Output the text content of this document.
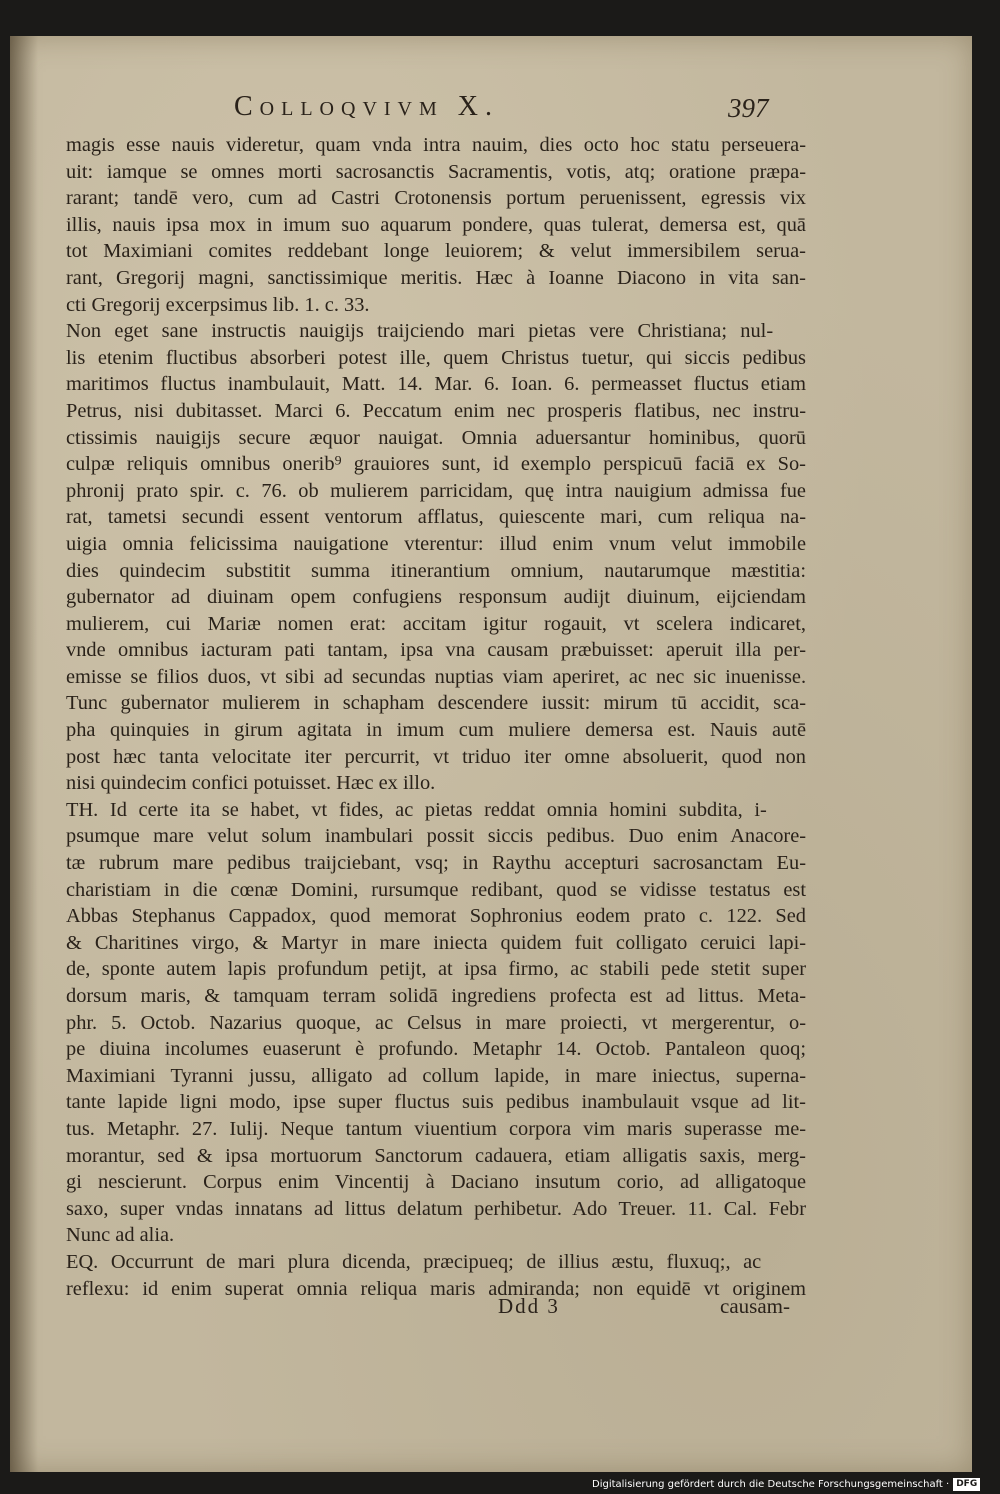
Colloqvivm X.	397
magis esse nauis videretur, quam vnda intra nauim, dies octo hoc statu perseuera-
uit: iamque se omnes morti sacrosanctis Sacramentis, votis, atq; oratione præpa-
rarant; tandē vero, cum ad Castri Crotonensis portum peruenissent, egressis vix
illis, nauis ipsa mox in imum suo aquarum pondere, quas tulerat, demersa est, quā
tot Maximiani comites reddebant longe leuiorem; & velut immersibilem serua-
rant, Gregorij magni, sanctissimique meritis. Hæc à Ioanne Diacono in vita san-
cti Gregorij excerpsimus lib. 1. c. 33.
Non eget sane instructis nauigijs traijciendo mari pietas vere Christiana; nul-
lis etenim fluctibus absorberi potest ille, quem Christus tuetur, qui siccis pedibus
maritimos fluctus inambulauit, Matt. 14. Mar. 6. Ioan. 6. permeasset fluctus etiam
Petrus, nisi dubitasset. Marci 6. Peccatum enim nec prosperis flatibus, nec instru-
ctissimis nauigijs secure æquor nauigat. Omnia aduersantur hominibus, quorū
culpæ reliquis omnibus onerib⁹ grauiores sunt, id exemplo perspicuū faciā ex So-
phronij prato spir. c. 76. ob mulierem parricidam, quę intra nauigium admissa fue
rat, tametsi secundi essent ventorum afflatus, quiescente mari, cum reliqua na-
uigia omnia felicissima nauigatione vterentur: illud enim vnum velut immobile
dies quindecim substitit summa itinerantium omnium, nautarumque mæstitia:
gubernator ad diuinam opem confugiens responsum audijt diuinum, eijciendam
mulierem, cui Mariæ nomen erat: accitam igitur rogauit, vt scelera indicaret,
vnde omnibus iacturam pati tantam, ipsa vna causam præbuisset: aperuit illa per-
emisse se filios duos, vt sibi ad secundas nuptias viam aperiret, ac nec sic inuenisse.
Tunc gubernator mulierem in schapham descendere iussit: mirum tū accidit, sca-
pha quinquies in girum agitata in imum cum muliere demersa est. Nauis autē
post hæc tanta velocitate iter percurrit, vt triduo iter omne absoluerit, quod non
nisi quindecim confici potuisset. Hæc ex illo.
TH. Id certe ita se habet, vt fides, ac pietas reddat omnia homini subdita, i-
psumque mare velut solum inambulari possit siccis pedibus. Duo enim Anacore-
tæ rubrum mare pedibus traijciebant, vsq; in Raythu accepturi sacrosanctam Eu-
charistiam in die cœnæ Domini, rursumque redibant, quod se vidisse testatus est
Abbas Stephanus Cappadox, quod memorat Sophronius eodem prato c. 122. Sed
& Charitines virgo, & Martyr in mare iniecta quidem fuit colligato ceruici lapi-
de, sponte autem lapis profundum petijt, at ipsa firmo, ac stabili pede stetit super
dorsum maris, & tamquam terram solidā ingrediens profecta est ad littus. Meta-
phr. 5. Octob. Nazarius quoque, ac Celsus in mare proiecti, vt mergerentur, o-
pe diuina incolumes euaserunt è profundo. Metaphr 14. Octob. Pantaleon quoq;
Maximiani Tyranni jussu, alligato ad collum lapide, in mare iniectus, superna-
tante lapide ligni modo, ipse super fluctus suis pedibus inambulauit vsque ad lit-
tus. Metaphr. 27. Iulij. Neque tantum viuentium corpora vim maris superasse me-
morantur, sed & ipsa mortuorum Sanctorum cadauera, etiam alligatis saxis, merg-
gi nescierunt. Corpus enim Vincentij à Daciano insutum corio, ad alligatoque
saxo, super vndas innatans ad littus delatum perhibetur. Ado Treuer. 11. Cal. Febr
Nunc ad alia.
EQ. Occurrunt de mari plura dicenda, præcipueq; de illius æstu, fluxuq;, ac
reflexu: id enim superat omnia reliqua maris admiranda; non equidē vt originem
Ddd 3	causam-
Digitalisierung gefördert durch die Deutsche Forschungsgemeinschaft · DFG
